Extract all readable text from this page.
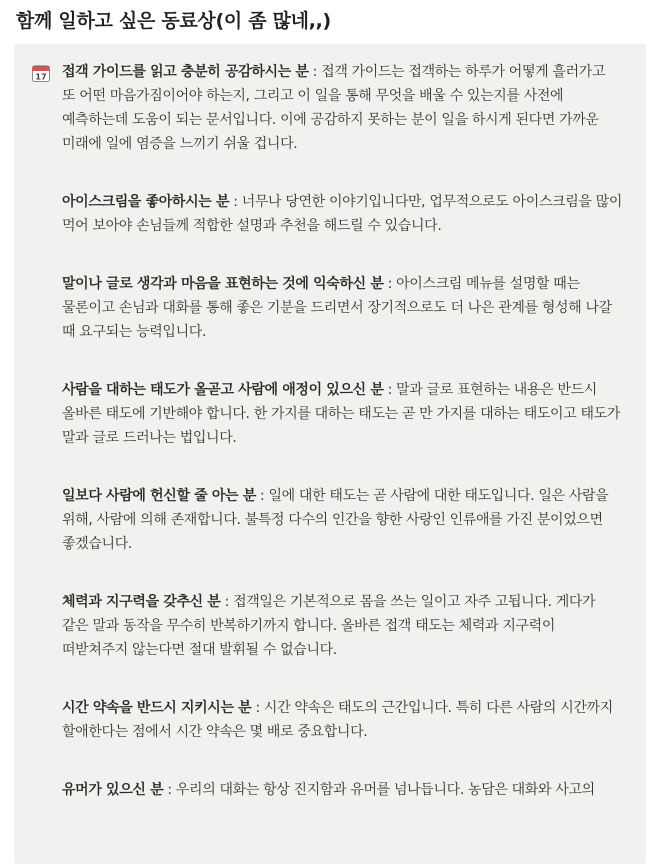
함께 일하고 싶은 동료상(이 좀 많네,,)
17 접객 가이드를 읽고 충분히 공감하시는 분 : 접객 가이드는 접객하는 하루가 어떻게 흘러가고 또 어떤 마음가짐이어야 하는지, 그리고 이 일을 통해 무엇을 배울 수 있는지를 사전에 예측하는데 도움이 되는 문서입니다. 이에 공감하지 못하는 분이 일을 하시게 된다면 가까운 미래에 일에 염증을 느끼기 쉬울 겁니다.

아이스크림을 좋아하시는 분 : 너무나 당연한 이야기입니다만, 업무적으로도 아이스크림을 많이 먹어 보아야 손님들께 적합한 설명과 추천을 해드릴 수 있습니다.

말이나 글로 생각과 마음을 표현하는 것에 익숙하신 분 : 아이스크림 메뉴를 설명할 때는 물론이고 손님과 대화를 통해 좋은 기분을 드리면서 장기적으로도 더 나은 관계를 형성해 나갈 때 요구되는 능력입니다.

사람을 대하는 태도가 올곧고 사람에 애정이 있으신 분 : 말과 글로 표현하는 내용은 반드시 올바른 태도에 기반해야 합니다. 한 가지를 대하는 태도는 곧 만 가지를 대하는 태도이고 태도가 말과 글로 드러나는 법입니다.

일보다 사람에 헌신할 줄 아는 분 : 일에 대한 태도는 곧 사람에 대한 태도입니다. 일은 사람을 위해, 사람에 의해 존재합니다. 불특정 다수의 인간을 향한 사랑인 인류애를 가진 분이었으면 좋겠습니다.

체력과 지구력을 갖추신 분 : 접객일은 기본적으로 몸을 쓰는 일이고 자주 고됩니다. 게다가 같은 말과 동작을 무수히 반복하기까지 합니다. 올바른 접객 태도는 체력과 지구력이 떠받쳐주지 않는다면 절대 발휘될 수 없습니다.

시간 약속을 반드시 지키시는 분 : 시간 약속은 태도의 근간입니다. 특히 다른 사람의 시간까지 할애한다는 점에서 시간 약속은 몇 배로 중요합니다.

유머가 있으신 분 : 우리의 대화는 항상 진지함과 유머를 넘나듭니다. 농담은 대화와 사고의
